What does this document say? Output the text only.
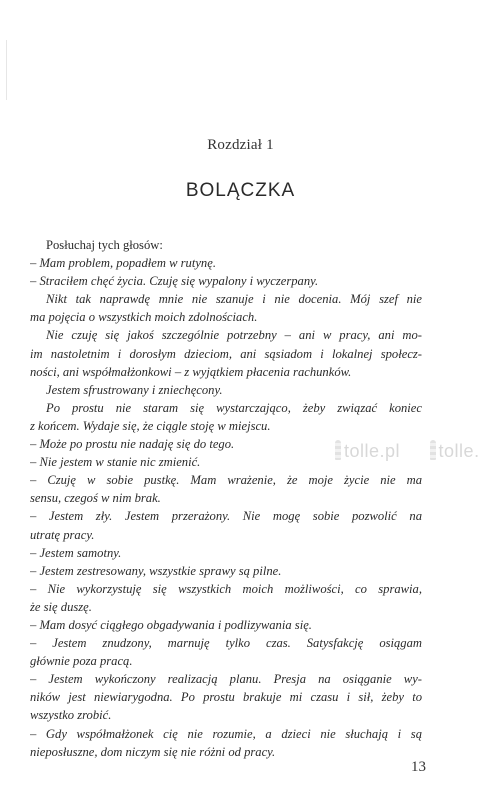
Rozdział 1
BOLĄCZKA
Posłuchaj tych głosów:
– Mam problem, popadłem w rutynę.
– Straciłem chęć życia. Czuję się wypalony i wyczerpany.
Nikt tak naprawdę mnie nie szanuje i nie docenia. Mój szef nie
ma pojęcia o wszystkich moich zdolnościach.
Nie czuję się jakoś szczególnie potrzebny – ani w pracy, ani mo-
im nastoletnim i dorosłym dzieciom, ani sąsiadom i lokalnej społecz-
ności, ani współmałżonkowi – z wyjątkiem płacenia rachunków.
Jestem sfrustrowany i zniechęcony.
Po prostu nie staram się wystarczająco, żeby związać koniec
z końcem. Wydaje się, że ciągle stoję w miejscu.
– Może po prostu nie nadaję się do tego.
– Nie jestem w stanie nic zmienić.
– Czuję w sobie pustkę. Mam wrażenie, że moje życie nie ma
sensu, czegoś w nim brak.
– Jestem zły. Jestem przerażony. Nie mogę sobie pozwolić na
utratę pracy.
– Jestem samotny.
– Jestem zestresowany, wszystkie sprawy są pilne.
– Nie wykorzystuję się wszystkich moich możliwości, co sprawia,
że się duszę.
– Mam dosyć ciągłego obgadywania i podlizywania się.
– Jestem znudzony, marnuję tylko czas. Satysfakcję osiągam
głównie poza pracą.
– Jestem wykończony realizacją planu. Presja na osiąganie wy-
ników jest niewiarygodna. Po prostu brakuje mi czasu i sił, żeby to
wszystko zrobić.
– Gdy współmałżonek cię nie rozumie, a dzieci nie słuchają i są
nieposłuszne, dom niczym się nie różni od pracy.
tolle.pl tolle.
13
